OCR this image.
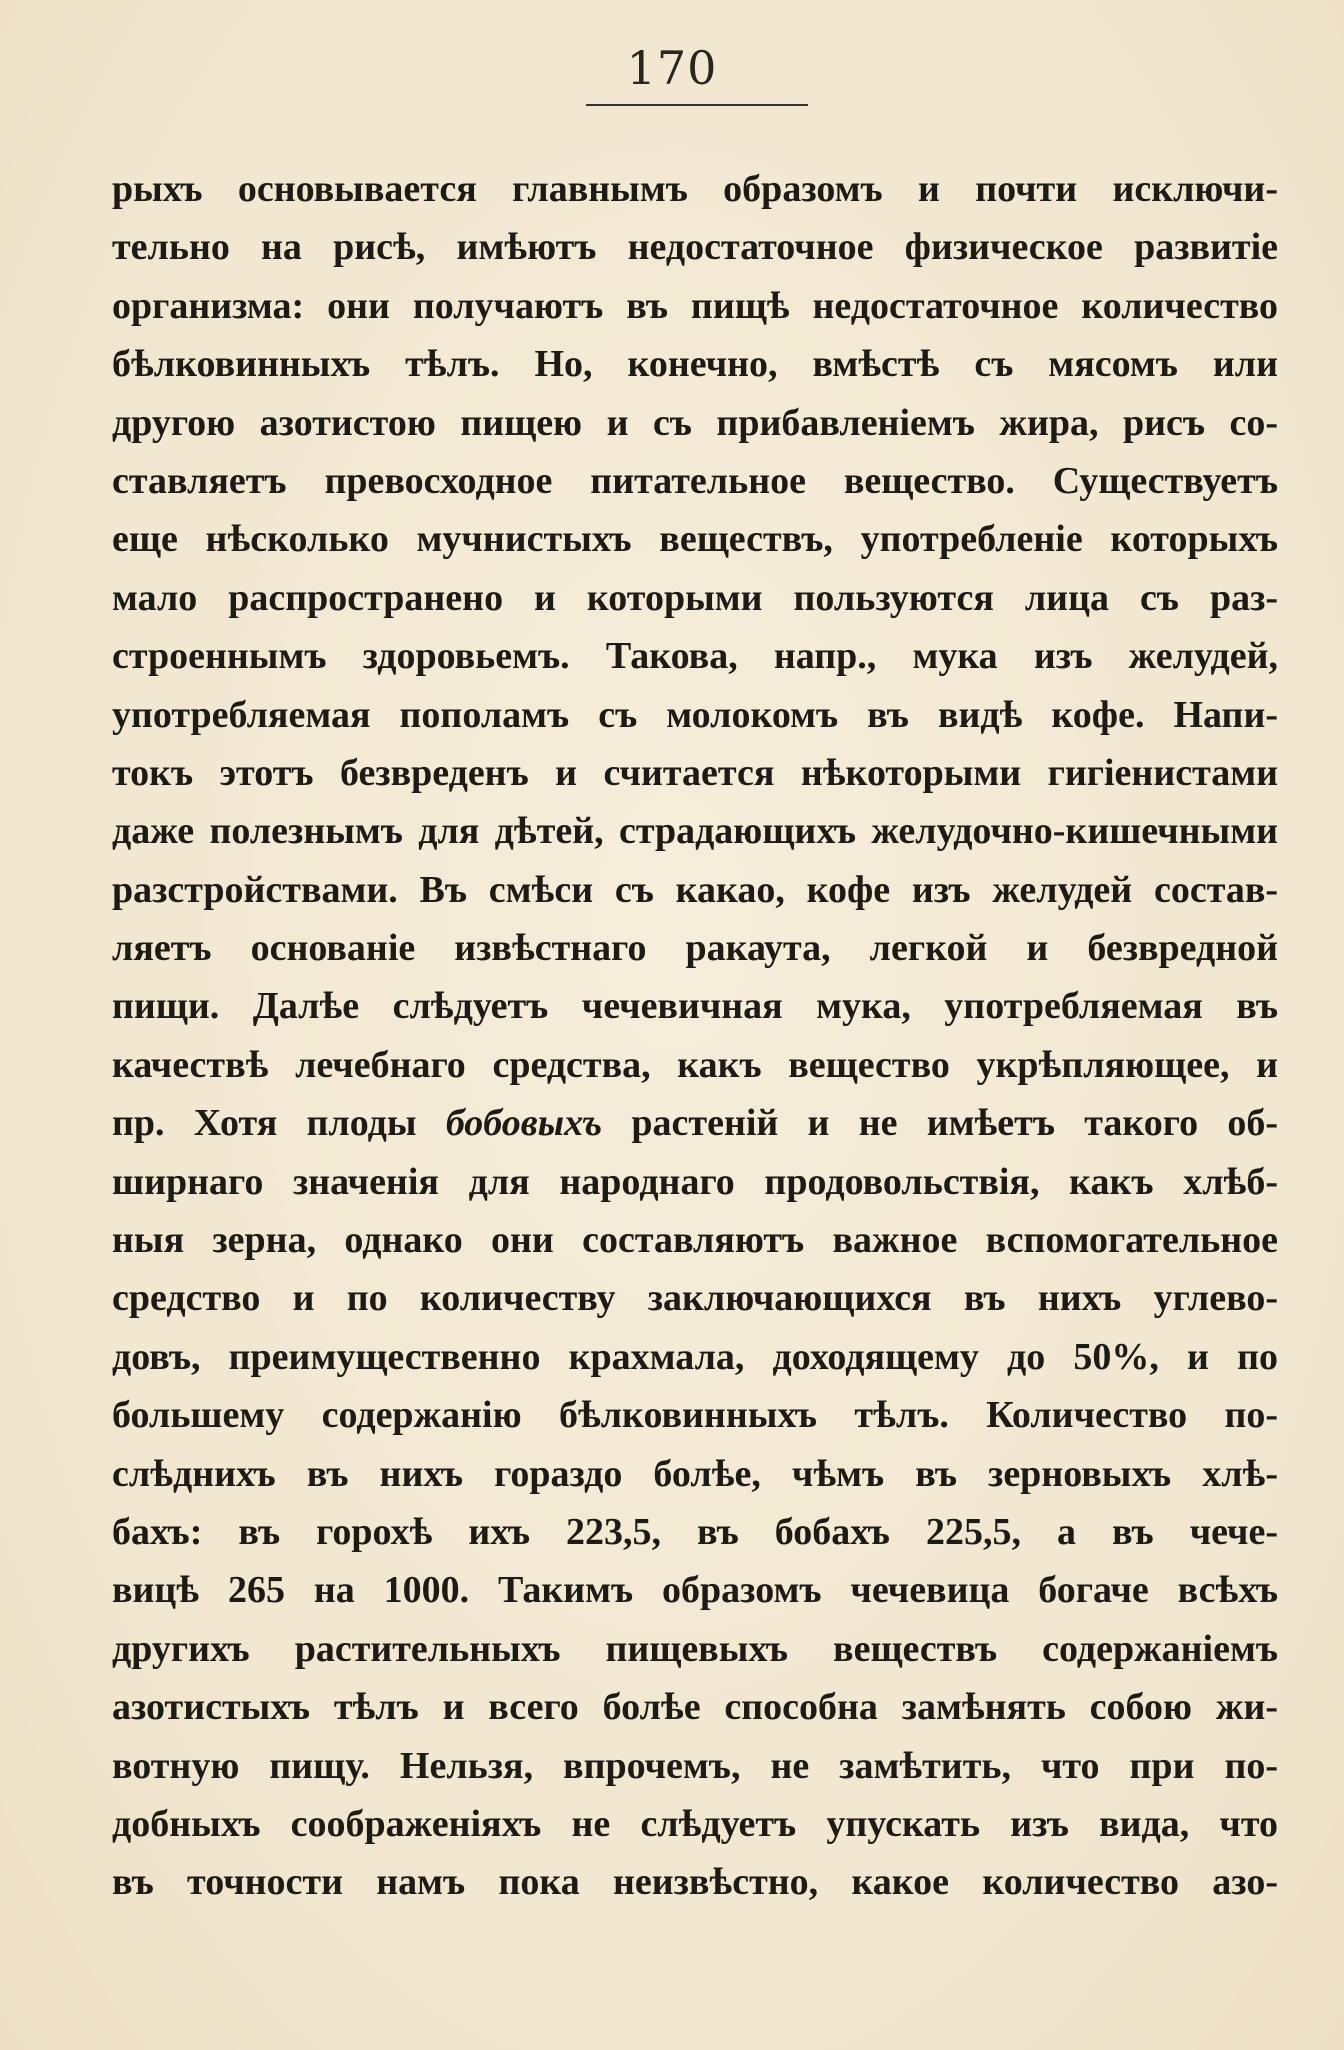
170
рыхъ основывается главнымъ образомъ и почти исключи-
тельно на рисѣ, имѣютъ недостаточное физическое развитіе
организма: они получаютъ въ пищѣ недостаточное количество
бѣлковинныхъ тѣлъ. Но, конечно, вмѣстѣ съ мясомъ или
другою азотистою пищею и съ прибавленіемъ жира, рисъ со-
ставляетъ превосходное питательное вещество. Существуетъ
еще нѣсколько мучнистыхъ веществъ, употребленіе которыхъ
мало распространено и которыми пользуются лица съ раз-
строеннымъ здоровьемъ. Такова, напр., мука изъ желудей,
употребляемая пополамъ съ молокомъ въ видѣ кофе. Напи-
токъ этотъ безвреденъ и считается нѣкоторыми гигіенистами
даже полезнымъ для дѣтей, страдающихъ желудочно-кишечными
разстройствами. Въ смѣси съ какао, кофе изъ желудей состав-
ляетъ основаніе извѣстнаго ракаута, легкой и безвредной
пищи. Далѣе слѣдуетъ чечевичная мука, употребляемая въ
качествѣ лечебнаго средства, какъ вещество укрѣпляющее, и
пр. Хотя плоды бобовыхъ растеній и не имѣетъ такого об-
ширнаго значенія для народнаго продовольствія, какъ хлѣб-
ныя зерна, однако они составляютъ важное вспомогательное
средство и по количеству заключающихся въ нихъ углево-
довъ, преимущественно крахмала, доходящему до 50%, и по
большему содержанію бѣлковинныхъ тѣлъ. Количество по-
слѣднихъ въ нихъ гораздо болѣе, чѣмъ въ зерновыхъ хлѣ-
бахъ: въ горохѣ ихъ 223,5, въ бобахъ 225,5, а въ чече-
вицѣ 265 на 1000. Такимъ образомъ чечевица богаче всѣхъ
другихъ растительныхъ пищевыхъ веществъ содержаніемъ
азотистыхъ тѣлъ и всего болѣе способна замѣнять собою жи-
вотную пищу. Нельзя, впрочемъ, не замѣтить, что при по-
добныхъ соображеніяхъ не слѣдуетъ упускать изъ вида, что
въ точности намъ пока неизвѣстно, какое количество азо-
